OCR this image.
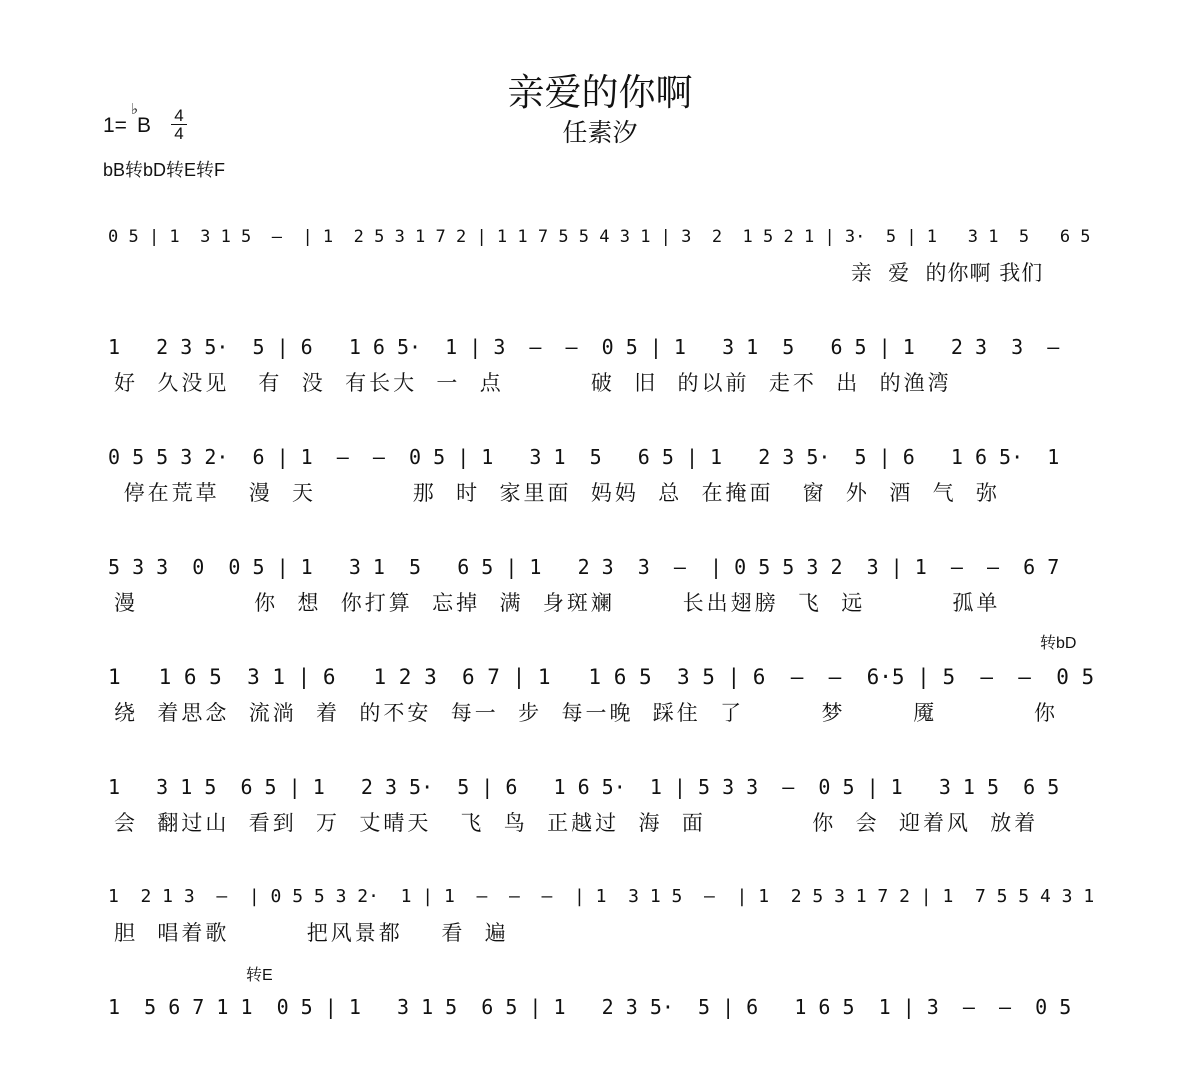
亲爱的你啊
任素汐
1=
♭
B 4
4
bB转bD转E转F
0 5 | 1  3 1 5  –  | 1  2 5 3 1 7 2 | 1 1 7 5 5 4 3 1 | 3  2  1 5 2 1 | 3·  5 | 1   3 1  5   6 5
亲  爱  的你啊 我们
1   2 3 5·  5 | 6   1 6 5·  1 | 3  –  –  0 5 | 1   3 1  5   6 5 | 1   2 3  3  –
好  久没见   有  没  有长大  一  点         破  旧  的以前  走不  出  的渔湾
0 5 5 3 2·  6 | 1  –  –  0 5 | 1   3 1  5   6 5 | 1   2 3 5·  5 | 6   1 6 5·  1
停在荒草   漫  天          那  时  家里面  妈妈  总  在掩面   窗  外  酒  气  弥
5 3 3  0  0 5 | 1   3 1  5   6 5 | 1   2 3  3  –  | 0 5 5 3 2  3 | 1  –  –  6 7
漫            你  想  你打算  忘掉  满  身斑斓       长出翅膀  飞  远         孤单
转bD
1   1 6 5  3 1 | 6   1 2 3  6 7 | 1   1 6 5  3 5 | 6  –  –  6·5 | 5  –  –  0 5
绕  着思念  流淌  着  的不安  每一  步  每一晚  踩住  了        梦       魇          你
1   3 1 5  6 5 | 1   2 3 5·  5 | 6   1 6 5·  1 | 5 3 3  –  0 5 | 1   3 1 5  6 5
会  翻过山  看到  万  丈晴天   飞  鸟  正越过  海  面           你  会  迎着风  放着
1  2 1 3  –  | 0 5 5 3 2·  1 | 1  –  –  –  | 1  3 1 5  –  | 1  2 5 3 1 7 2 | 1  7 5 5 4 3 1
胆  唱着歌        把风景都    看  遍
转E
1  5 6 7 1 1  0 5 | 1   3 1 5  6 5 | 1   2 3 5·  5 | 6   1 6 5  1 | 3  –  –  0 5
